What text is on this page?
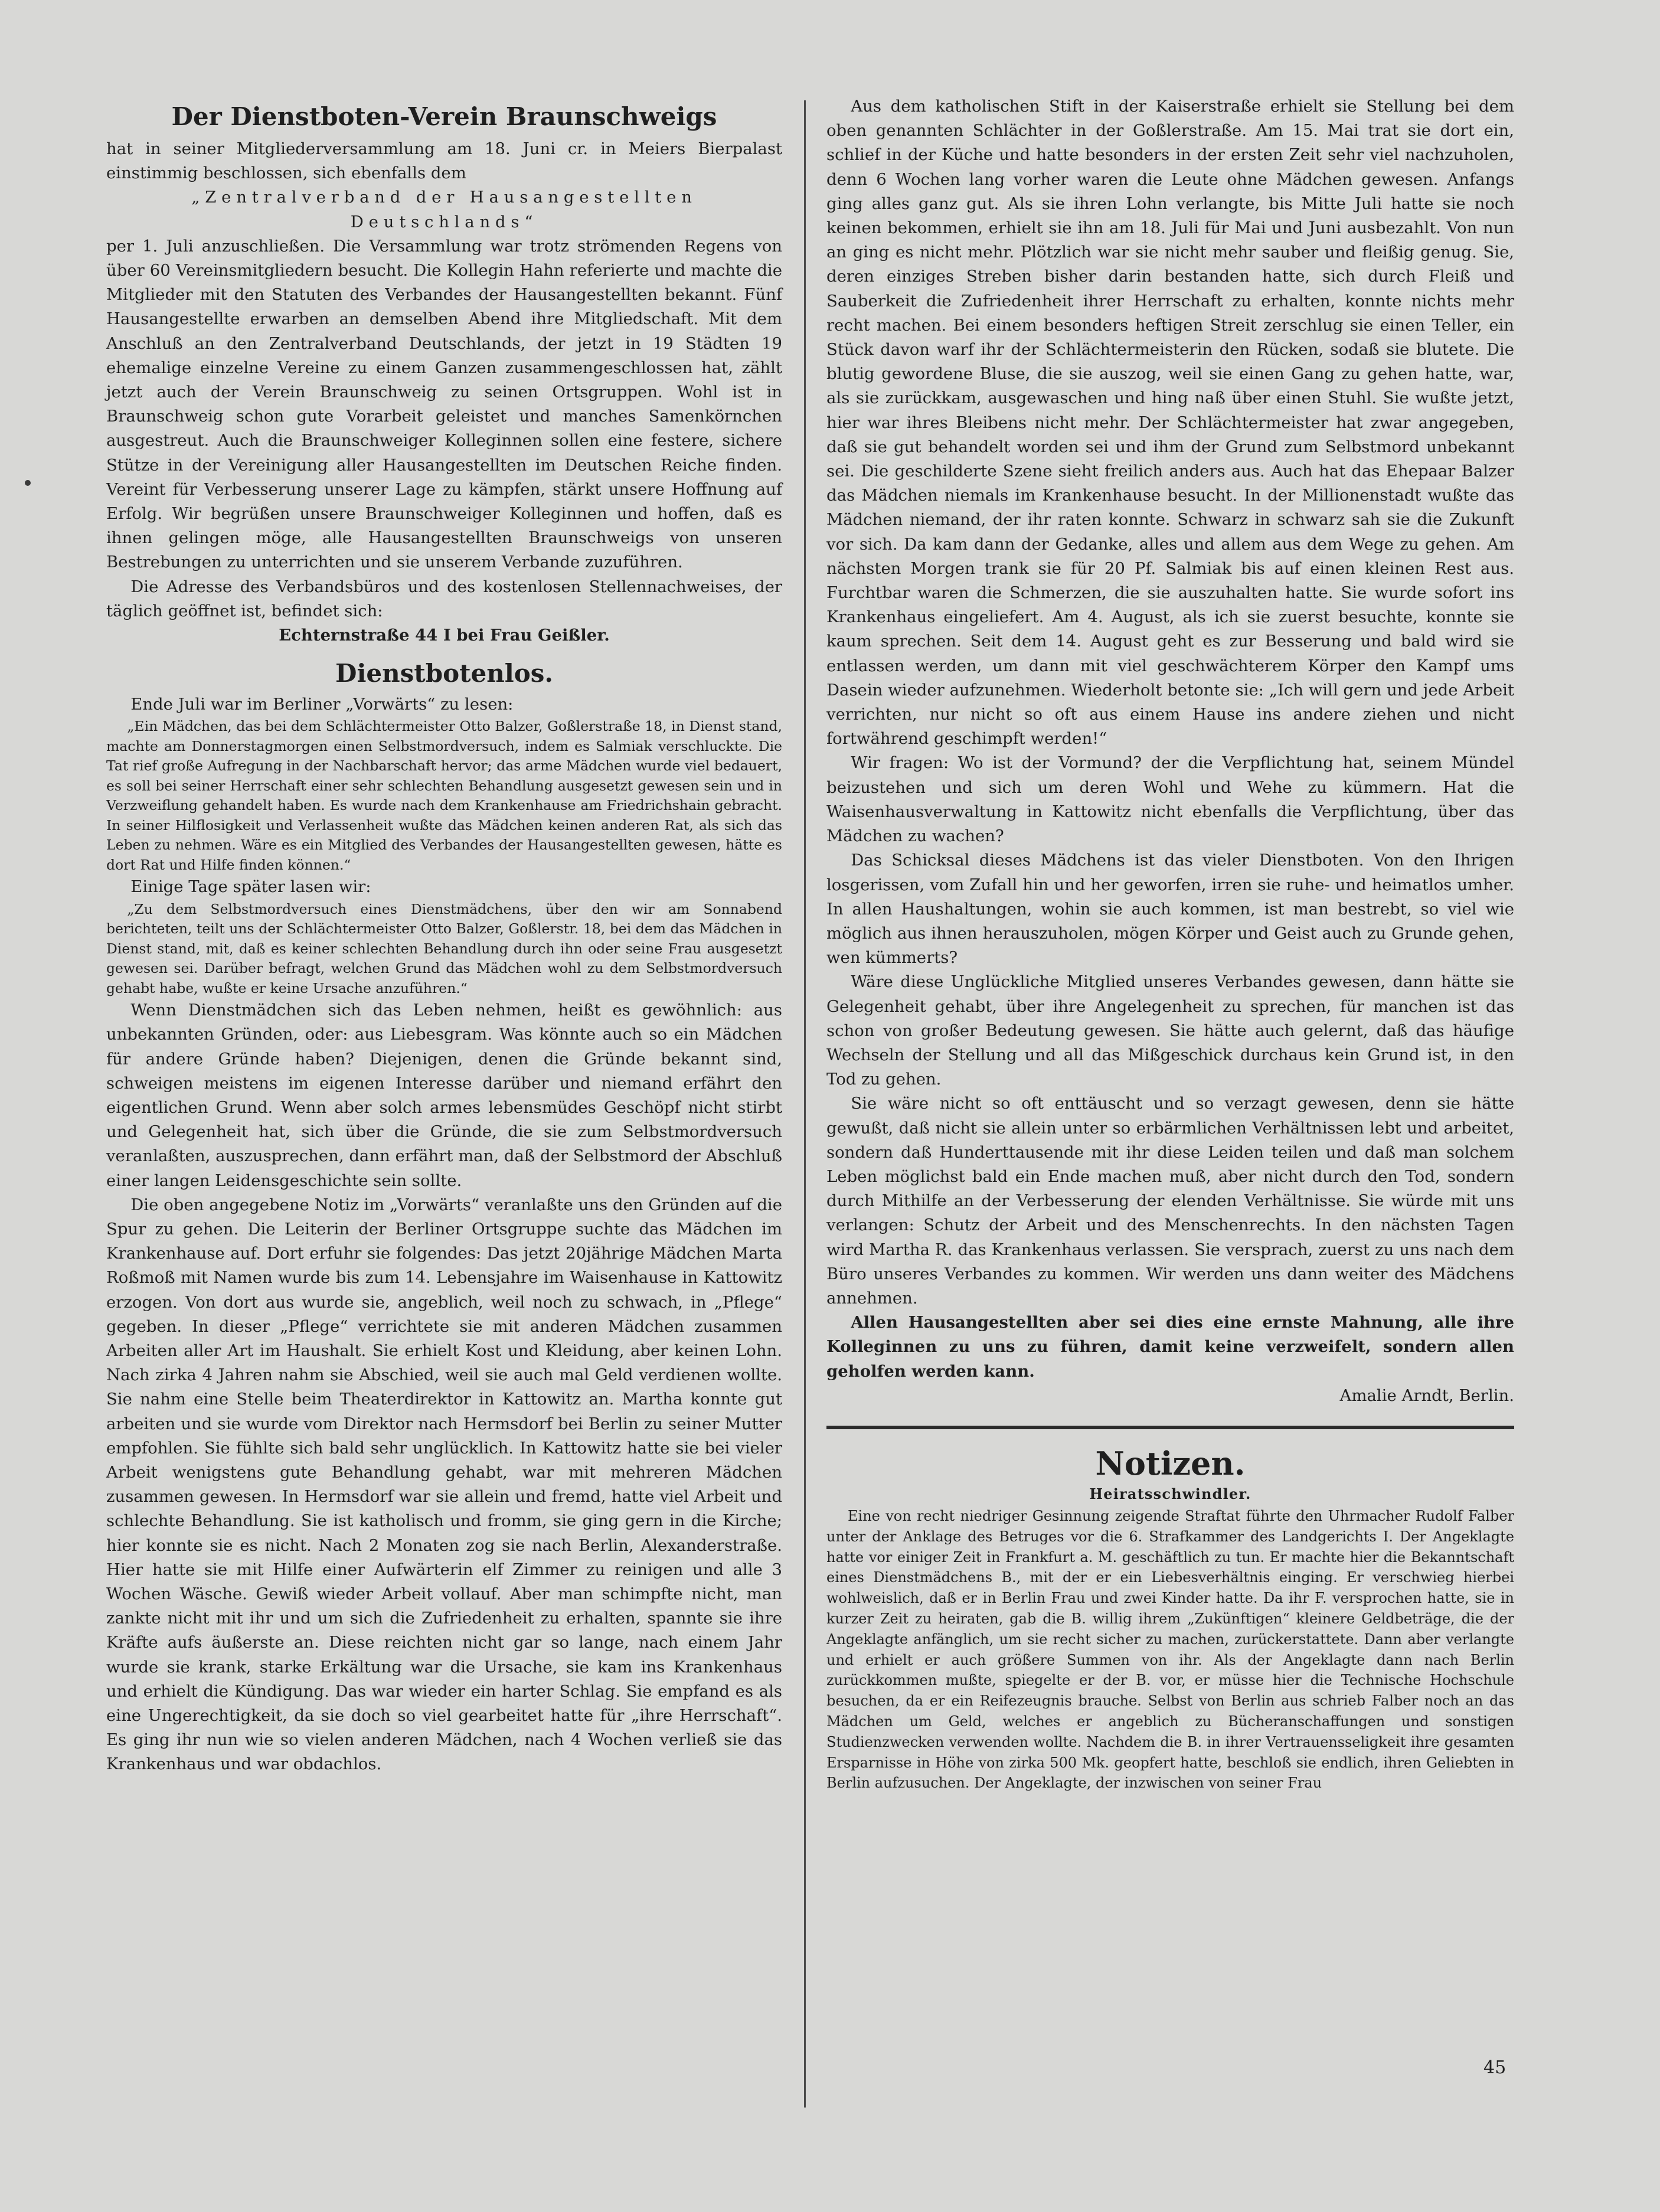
Der Dienstboten-Verein Braunschweigs

hat in seiner Mitgliederversammlung am 18. Juni cr. in Meiers Bierpalast einstimmig beschlossen, sich ebenfalls dem

„Zentralverband der Hausangestellten Deutschlands“

per 1. Juli anzuschließen. Die Versammlung war trotz strömenden Regens von über 60 Vereinsmitgliedern besucht. Die Kollegin Hahn referierte und machte die Mitglieder mit den Statuten des Verbandes der Hausangestellten bekannt. Fünf Hausangestellte erwarben an demselben Abend ihre Mitgliedschaft. Mit dem Anschluß an den Zentralverband Deutschlands, der jetzt in 19 Städten 19 ehemalige einzelne Vereine zu einem Ganzen zusammengeschlossen hat, zählt jetzt auch der Verein Braunschweig zu seinen Ortsgruppen. Wohl ist in Braunschweig schon gute Vorarbeit geleistet und manches Samenkörnchen ausgestreut. Auch die Braunschweiger Kolleginnen sollen eine festere, sichere Stütze in der Vereinigung aller Hausangestellten im Deutschen Reiche finden. Vereint für Verbesserung unserer Lage zu kämpfen, stärkt unsere Hoffnung auf Erfolg. Wir begrüßen unsere Braunschweiger Kolleginnen und hoffen, daß es ihnen gelingen möge, alle Hausangestellten Braunschweigs von unseren Bestrebungen zu unterrichten und sie unserem Verbande zuzuführen.

Die Adresse des Verbandsbüros und des kostenlosen Stellennachweises, der täglich geöffnet ist, befindet sich:

Echternstraße 44 I bei Frau Geißler.

Dienstbotenlos.

Ende Juli war im Berliner „Vorwärts“ zu lesen:

„Ein Mädchen, das bei dem Schlächtermeister Otto Balzer, Goßlerstraße 18, in Dienst stand, machte am Donnerstagmorgen einen Selbstmordversuch, indem es Salmiak verschluckte. Die Tat rief große Aufregung in der Nachbarschaft hervor; das arme Mädchen wurde viel bedauert, es soll bei seiner Herrschaft einer sehr schlechten Behandlung ausgesetzt gewesen sein und in Verzweiflung gehandelt haben. Es wurde nach dem Krankenhause am Friedrichshain gebracht. In seiner Hilflosigkeit und Verlassenheit wußte das Mädchen keinen anderen Rat, als sich das Leben zu nehmen. Wäre es ein Mitglied des Verbandes der Hausangestellten gewesen, hätte es dort Rat und Hilfe finden können.“

Einige Tage später lasen wir:

„Zu dem Selbstmordversuch eines Dienstmädchens, über den wir am Sonnabend berichteten, teilt uns der Schlächtermeister Otto Balzer, Goßlerstr. 18, bei dem das Mädchen in Dienst stand, mit, daß es keiner schlechten Behandlung durch ihn oder seine Frau ausgesetzt gewesen sei. Darüber befragt, welchen Grund das Mädchen wohl zu dem Selbstmordversuch gehabt habe, wußte er keine Ursache anzuführen.“

Wenn Dienstmädchen sich das Leben nehmen, heißt es gewöhnlich: aus unbekannten Gründen, oder: aus Liebesgram. Was könnte auch so ein Mädchen für andere Gründe haben? Diejenigen, denen die Gründe bekannt sind, schweigen meistens im eigenen Interesse darüber und niemand erfährt den eigentlichen Grund. Wenn aber solch armes lebensmüdes Geschöpf nicht stirbt und Gelegenheit hat, sich über die Gründe, die sie zum Selbstmordversuch veranlaßten, auszusprechen, dann erfährt man, daß der Selbstmord der Abschluß einer langen Leidensgeschichte sein sollte.

Die oben angegebene Notiz im „Vorwärts“ veranlaßte uns den Gründen auf die Spur zu gehen. Die Leiterin der Berliner Ortsgruppe suchte das Mädchen im Krankenhause auf. Dort erfuhr sie folgendes: Das jetzt 20jährige Mädchen Marta Roßmoß mit Namen wurde bis zum 14. Lebensjahre im Waisenhause in Kattowitz erzogen. Von dort aus wurde sie, angeblich, weil noch zu schwach, in „Pflege“ gegeben. In dieser „Pflege“ verrichtete sie mit anderen Mädchen zusammen Arbeiten aller Art im Haushalt. Sie erhielt Kost und Kleidung, aber keinen Lohn. Nach zirka 4 Jahren nahm sie Abschied, weil sie auch mal Geld verdienen wollte. Sie nahm eine Stelle beim Theaterdirektor in Kattowitz an. Martha konnte gut arbeiten und sie wurde vom Direktor nach Hermsdorf bei Berlin zu seiner Mutter empfohlen. Sie fühlte sich bald sehr unglücklich. In Kattowitz hatte sie bei vieler Arbeit wenigstens gute Behandlung gehabt, war mit mehreren Mädchen zusammen gewesen. In Hermsdorf war sie allein und fremd, hatte viel Arbeit und schlechte Behandlung. Sie ist katholisch und fromm, sie ging gern in die Kirche; hier konnte sie es nicht. Nach 2 Monaten zog sie nach Berlin, Alexanderstraße. Hier hatte sie mit Hilfe einer Aufwärterin elf Zimmer zu reinigen und alle 3 Wochen Wäsche. Gewiß wieder Arbeit vollauf. Aber man schimpfte nicht, man zankte nicht mit ihr und um sich die Zufriedenheit zu erhalten, spannte sie ihre Kräfte aufs äußerste an. Diese reichten nicht gar so lange, nach einem Jahr wurde sie krank, starke Erkältung war die Ursache, sie kam ins Krankenhaus und erhielt die Kündigung. Das war wieder ein harter Schlag. Sie empfand es als eine Ungerechtigkeit, da sie doch so viel gearbeitet hatte für „ihre Herrschaft“. Es ging ihr nun wie so vielen anderen Mädchen, nach 4 Wochen verließ sie das Krankenhaus und war obdachlos.

Aus dem katholischen Stift in der Kaiserstraße erhielt sie Stellung bei dem oben genannten Schlächter in der Goßlerstraße. Am 15. Mai trat sie dort ein, schlief in der Küche und hatte besonders in der ersten Zeit sehr viel nachzuholen, denn 6 Wochen lang vorher waren die Leute ohne Mädchen gewesen. Anfangs ging alles ganz gut. Als sie ihren Lohn verlangte, bis Mitte Juli hatte sie noch keinen bekommen, erhielt sie ihn am 18. Juli für Mai und Juni ausbezahlt. Von nun an ging es nicht mehr. Plötzlich war sie nicht mehr sauber und fleißig genug. Sie, deren einziges Streben bisher darin bestanden hatte, sich durch Fleiß und Sauberkeit die Zufriedenheit ihrer Herrschaft zu erhalten, konnte nichts mehr recht machen. Bei einem besonders heftigen Streit zerschlug sie einen Teller, ein Stück davon warf ihr der Schlächtermeisterin den Rücken, sodaß sie blutete. Die blutig gewordene Bluse, die sie auszog, weil sie einen Gang zu gehen hatte, war, als sie zurückkam, ausgewaschen und hing naß über einen Stuhl. Sie wußte jetzt, hier war ihres Bleibens nicht mehr. Der Schlächtermeister hat zwar angegeben, daß sie gut behandelt worden sei und ihm der Grund zum Selbstmord unbekannt sei. Die geschilderte Szene sieht freilich anders aus. Auch hat das Ehepaar Balzer das Mädchen niemals im Krankenhause besucht. In der Millionenstadt wußte das Mädchen niemand, der ihr raten konnte. Schwarz in schwarz sah sie die Zukunft vor sich. Da kam dann der Gedanke, alles und allem aus dem Wege zu gehen. Am nächsten Morgen trank sie für 20 Pf. Salmiak bis auf einen kleinen Rest aus. Furchtbar waren die Schmerzen, die sie auszuhalten hatte. Sie wurde sofort ins Krankenhaus eingeliefert. Am 4. August, als ich sie zuerst besuchte, konnte sie kaum sprechen. Seit dem 14. August geht es zur Besserung und bald wird sie entlassen werden, um dann mit viel geschwächterem Körper den Kampf ums Dasein wieder aufzunehmen. Wiederholt betonte sie: „Ich will gern und jede Arbeit verrichten, nur nicht so oft aus einem Hause ins andere ziehen und nicht fortwährend geschimpft werden!“

Wir fragen: Wo ist der Vormund? der die Verpflichtung hat, seinem Mündel beizustehen und sich um deren Wohl und Wehe zu kümmern. Hat die Waisenhausverwaltung in Kattowitz nicht ebenfalls die Verpflichtung, über das Mädchen zu wachen?

Das Schicksal dieses Mädchens ist das vieler Dienstboten. Von den Ihrigen losgerissen, vom Zufall hin und her geworfen, irren sie ruhe- und heimatlos umher. In allen Haushaltungen, wohin sie auch kommen, ist man bestrebt, so viel wie möglich aus ihnen herauszuholen, mögen Körper und Geist auch zu Grunde gehen, wen kümmerts?

Wäre diese Unglückliche Mitglied unseres Verbandes gewesen, dann hätte sie Gelegenheit gehabt, über ihre Angelegenheit zu sprechen, für manchen ist das schon von großer Bedeutung gewesen. Sie hätte auch gelernt, daß das häufige Wechseln der Stellung und all das Mißgeschick durchaus kein Grund ist, in den Tod zu gehen.

Sie wäre nicht so oft enttäuscht und so verzagt gewesen, denn sie hätte gewußt, daß nicht sie allein unter so erbärmlichen Verhältnissen lebt und arbeitet, sondern daß Hunderttausende mit ihr diese Leiden teilen und daß man solchem Leben möglichst bald ein Ende machen muß, aber nicht durch den Tod, sondern durch Mithilfe an der Verbesserung der elenden Verhältnisse. Sie würde mit uns verlangen: Schutz der Arbeit und des Menschenrechts. In den nächsten Tagen wird Martha R. das Krankenhaus verlassen. Sie versprach, zuerst zu uns nach dem Büro unseres Verbandes zu kommen. Wir werden uns dann weiter des Mädchens annehmen.

Allen Hausangestellten aber sei dies eine ernste Mahnung, alle ihre Kolleginnen zu uns zu führen, damit keine verzweifelt, sondern allen geholfen werden kann.

Amalie Arndt, Berlin.

Notizen.
Heiratsschwindler.

Eine von recht niedriger Gesinnung zeigende Straftat führte den Uhrmacher Rudolf Falber unter der Anklage des Betruges vor die 6. Strafkammer des Landgerichts I. Der Angeklagte hatte vor einiger Zeit in Frankfurt a. M. geschäftlich zu tun. Er machte hier die Bekanntschaft eines Dienstmädchens B., mit der er ein Liebesverhältnis einging. Er verschwieg hierbei wohlweislich, daß er in Berlin Frau und zwei Kinder hatte. Da ihr F. versprochen hatte, sie in kurzer Zeit zu heiraten, gab die B. willig ihrem „Zukünftigen“ kleinere Geldbeträge, die der Angeklagte anfänglich, um sie recht sicher zu machen, zurückerstattete. Dann aber verlangte und erhielt er auch größere Summen von ihr. Als der Angeklagte dann nach Berlin zurückkommen mußte, spiegelte er der B. vor, er müsse hier die Technische Hochschule besuchen, da er ein Reifezeugnis brauche. Selbst von Berlin aus schrieb Falber noch an das Mädchen um Geld, welches er angeblich zu Bücheranschaffungen und sonstigen Studienzwecken verwenden wollte. Nachdem die B. in ihrer Vertrauensseligkeit ihre gesamten Ersparnisse in Höhe von zirka 500 Mk. geopfert hatte, beschloß sie endlich, ihren Geliebten in Berlin aufzusuchen. Der Angeklagte, der inzwischen von seiner Frau

45
